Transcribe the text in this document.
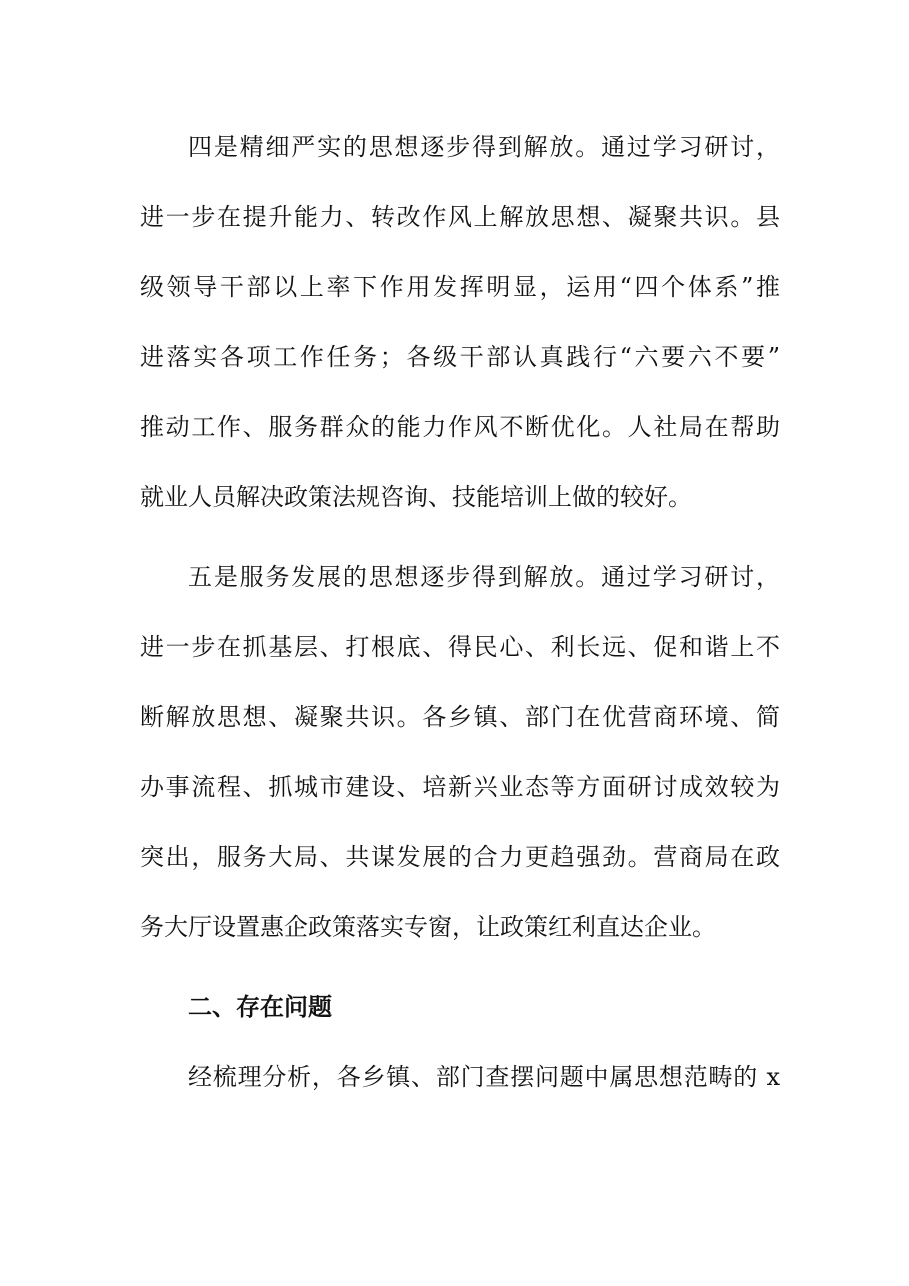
四是精细严实的思想逐步得到解放。通过学习研讨，
进一步在提升能力、转改作风上解放思想、凝聚共识。县
级领导干部以上率下作用发挥明显，运用“四个体系”推
进落实各项工作任务；各级干部认真践行“六要六不要”
推动工作、服务群众的能力作风不断优化。人社局在帮助
就业人员解决政策法规咨询、技能培训上做的较好。
五是服务发展的思想逐步得到解放。通过学习研讨，
进一步在抓基层、打根底、得民心、利长远、促和谐上不
断解放思想、凝聚共识。各乡镇、部门在优营商环境、简
办事流程、抓城市建设、培新兴业态等方面研讨成效较为
突出，服务大局、共谋发展的合力更趋强劲。营商局在政
务大厅设置惠企政策落实专窗，让政策红利直达企业。
二、存在问题
经梳理分析，各乡镇、部门查摆问题中属思想范畴的 x
